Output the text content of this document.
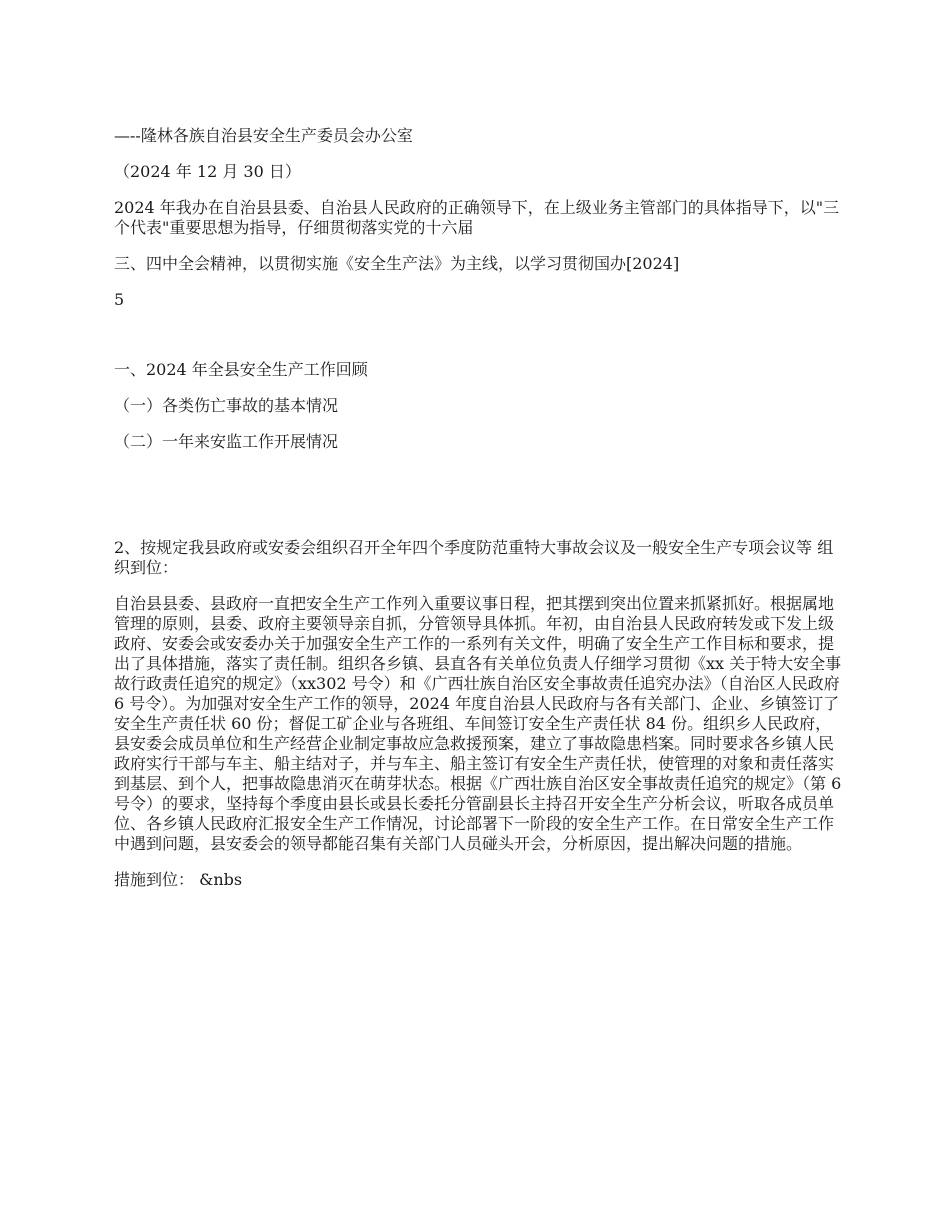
—--隆林各族自治县安全生产委员会办公室

（2024 年 12 月 30 日）

2024 年我办在自治县县委、自治县人民政府的正确领导下，在上级业务主管部门的具体指导下，以"三个代表"重要思想为指导，仔细贯彻落实党的十六届

三、四中全会精神，以贯彻实施《安全生产法》为主线，以学习贯彻国办[2024]

5

一、2024 年全县安全生产工作回顾

（一）各类伤亡事故的基本情况

（二）一年来安监工作开展情况

2、按规定我县政府或安委会组织召开全年四个季度防范重特大事故会议及一般安全生产专项会议等 组织到位：

自治县县委、县政府一直把安全生产工作列入重要议事日程，把其摆到突出位置来抓紧抓好。根据属地管理的原则，县委、政府主要领导亲自抓，分管领导具体抓。年初，由自治县人民政府转发或下发上级政府、安委会或安委办关于加强安全生产工作的一系列有关文件，明确了安全生产工作目标和要求，提出了具体措施，落实了责任制。组织各乡镇、县直各有关单位负责人仔细学习贯彻《xx 关于特大安全事故行政责任追究的规定》（xx302 号令）和《广西壮族自治区安全事故责任追究办法》（自治区人民政府 6 号令）。为加强对安全生产工作的领导，2024 年度自治县人民政府与各有关部门、企业、乡镇签订了安全生产责任状 60 份；督促工矿企业与各班组、车间签订安全生产责任状 84 份。组织乡人民政府，县安委会成员单位和生产经营企业制定事故应急救援预案，建立了事故隐患档案。同时要求各乡镇人民政府实行干部与车主、船主结对子，并与车主、船主签订有安全生产责任状，使管理的对象和责任落实到基层、到个人，把事故隐患消灭在萌芽状态。根据《广西壮族自治区安全事故责任追究的规定》（第 6 号令）的要求，坚持每个季度由县长或县长委托分管副县长主持召开安全生产分析会议，听取各成员单位、各乡镇人民政府汇报安全生产工作情况，讨论部署下一阶段的安全生产工作。在日常安全生产工作中遇到问题，县安委会的领导都能召集有关部门人员碰头开会，分析原因，提出解决问题的措施。

措施到位： &nbs
